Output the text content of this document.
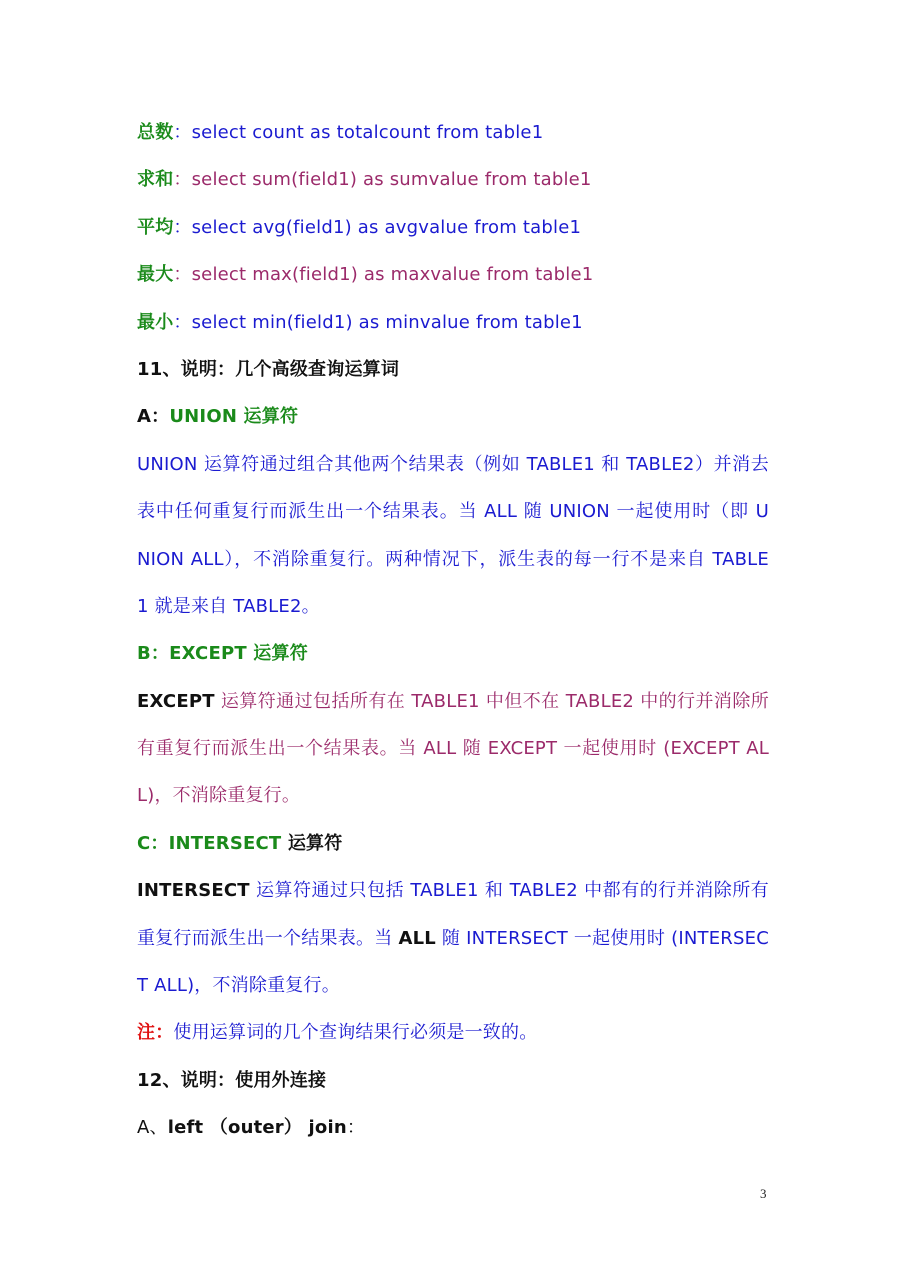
总数：select count as totalcount from table1
求和：select sum(field1) as sumvalue from table1
平均：select avg(field1) as avgvalue from table1
最大：select max(field1) as maxvalue from table1
最小：select min(field1) as minvalue from table1
11、说明：几个高级查询运算词
A：UNION 运算符
UNION 运算符通过组合其他两个结果表（例如 TABLE1 和 TABLE2）并消去
表中任何重复行而派生出一个结果表。当 ALL 随 UNION 一起使用时（即 U
NION ALL），不消除重复行。两种情况下，派生表的每一行不是来自 TABLE
1 就是来自 TABLE2。
B：EXCEPT 运算符
EXCEPT 运算符通过包括所有在 TABLE1 中但不在 TABLE2 中的行并消除所
有重复行而派生出一个结果表。当 ALL 随 EXCEPT 一起使用时 (EXCEPT AL
L)，不消除重复行。
C：INTERSECT 运算符
INTERSECT 运算符通过只包括 TABLE1 和 TABLE2 中都有的行并消除所有
重复行而派生出一个结果表。当 ALL 随 INTERSECT 一起使用时 (INTERSEC
T ALL)，不消除重复行。
注：使用运算词的几个查询结果行必须是一致的。
12、说明：使用外连接
A、left （outer） join：
3
